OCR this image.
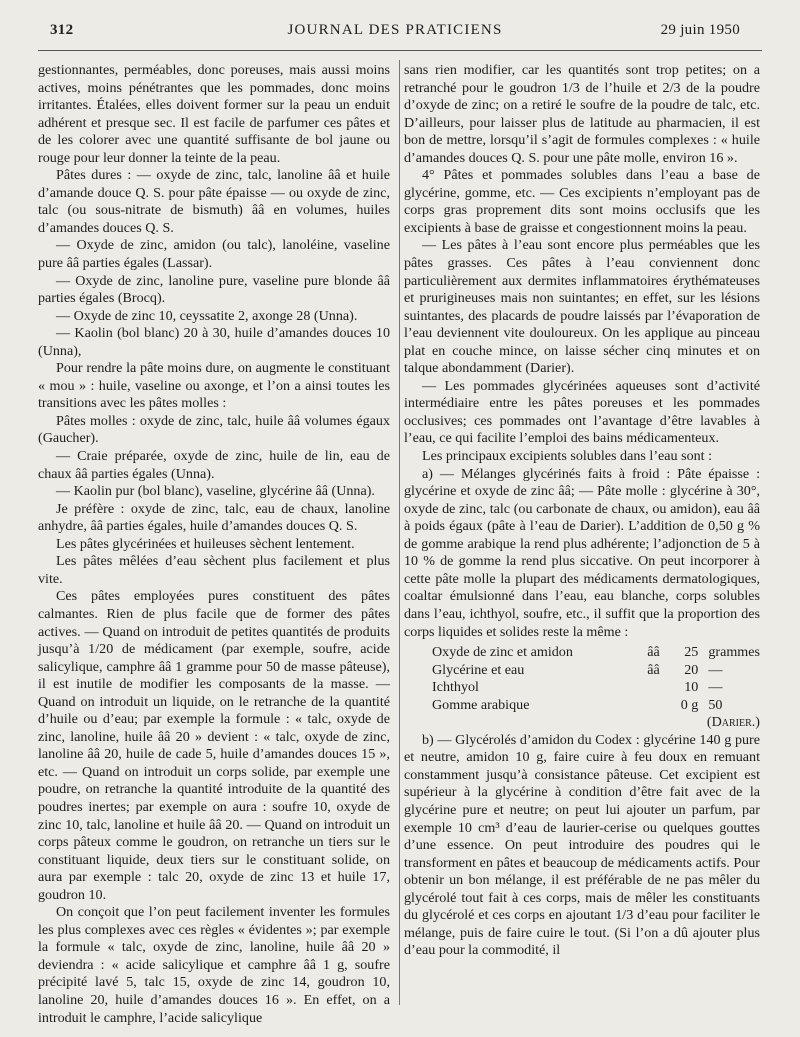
312	JOURNAL DES PRATICIENS	29 juin 1950

gestionnantes, perméables, donc poreuses, mais aussi moins actives, moins pénétrantes que les pommades, donc moins irritantes. Étalées, elles doivent former sur la peau un enduit adhérent et presque sec. Il est facile de parfumer ces pâtes et de les colorer avec une quantité suffisante de bol jaune ou rouge pour leur donner la teinte de la peau.

Pâtes dures : — oxyde de zinc, talc, lanoline ââ et huile d’amande douce Q. S. pour pâte épaisse — ou oxyde de zinc, talc (ou sous-nitrate de bismuth) ââ en volumes, huiles d’amandes douces Q. S.

— Oxyde de zinc, amidon (ou talc), lanoléine, vaseline pure ââ parties égales (Lassar).

— Oxyde de zinc, lanoline pure, vaseline pure blonde ââ parties égales (Brocq).

— Oxyde de zinc 10, ceyssatite 2, axonge 28 (Unna).

— Kaolin (bol blanc) 20 à 30, huile d’amandes douces 10 (Unna),

Pour rendre la pâte moins dure, on augmente le constituant « mou » : huile, vaseline ou axonge, et l’on a ainsi toutes les transitions avec les pâtes molles :

Pâtes molles : oxyde de zinc, talc, huile ââ volumes égaux (Gaucher).

— Craie préparée, oxyde de zinc, huile de lin, eau de chaux ââ parties égales (Unna).

— Kaolin pur (bol blanc), vaseline, glycérine ââ (Unna).

Je préfère : oxyde de zinc, talc, eau de chaux, lanoline anhydre, ââ parties égales, huile d’amandes douces Q. S.

Les pâtes glycérinées et huileuses sèchent lentement.

Les pâtes mêlées d’eau sèchent plus facilement et plus vite.

Ces pâtes employées pures constituent des pâtes calmantes. Rien de plus facile que de former des pâtes actives. — Quand on introduit de petites quantités de produits jusqu’à 1/20 de médicament (par exemple, soufre, acide salicylique, camphre ââ 1 gramme pour 50 de masse pâteuse), il est inutile de modifier les composants de la masse. — Quand on introduit un liquide, on le retranche de la quantité d’huile ou d’eau; par exemple la formule : « talc, oxyde de zinc, lanoline, huile ââ 20 » devient : « talc, oxyde de zinc, lanoline ââ 20, huile de cade 5, huile d’amandes douces 15 », etc. — Quand on introduit un corps solide, par exemple une poudre, on retranche la quantité introduite de la quantité des poudres inertes; par exemple on aura : soufre 10, oxyde de zinc 10, talc, lanoline et huile ââ 20. — Quand on introduit un corps pâteux comme le goudron, on retranche un tiers sur le constituant liquide, deux tiers sur le constituant solide, on aura par exemple : talc 20, oxyde de zinc 13 et huile 17, goudron 10.

On conçoit que l’on peut facilement inventer les formules les plus complexes avec ces règles « évidentes »; par exemple la formule « talc, oxyde de zinc, lanoline, huile ââ 20 » deviendra : « acide salicylique et camphre ââ 1 g, soufre précipité lavé 5, talc 15, oxyde de zinc 14, goudron 10, lanoline 20, huile d’amandes douces 16 ». En effet, on a introduit le camphre, l’acide salicylique

sans rien modifier, car les quantités sont trop petites; on a retranché pour le goudron 1/3 de l’huile et 2/3 de la poudre d’oxyde de zinc; on a retiré le soufre de la poudre de talc, etc. D’ailleurs, pour laisser plus de latitude au pharmacien, il est bon de mettre, lorsqu’il s’agit de formules complexes : « huile d’amandes douces Q. S. pour une pâte molle, environ 16 ».

4° Pâtes et pommades solubles dans l’eau a base de glycérine, gomme, etc. — Ces excipients n’employant pas de corps gras proprement dits sont moins occlusifs que les excipients à base de graisse et congestionnent moins la peau.

— Les pâtes à l’eau sont encore plus perméables que les pâtes grasses. Ces pâtes à l’eau conviennent donc particulièrement aux dermites inflammatoires érythémateuses et prurigineuses mais non suintantes; en effet, sur les lésions suintantes, des placards de poudre laissés par l’évaporation de l’eau deviennent vite douloureux. On les applique au pinceau plat en couche mince, on laisse sécher cinq minutes et on talque abondamment (Darier).

— Les pommades glycérinées aqueuses sont d’activité intermédiaire entre les pâtes poreuses et les pommades occlusives; ces pommades ont l’avantage d’être lavables à l’eau, ce qui facilite l’emploi des bains médicamenteux.

Les principaux excipients solubles dans l’eau sont :

a) — Mélanges glycérinés faits à froid : Pâte épaisse : glycérine et oxyde de zinc ââ; — Pâte molle : glycérine à 30°, oxyde de zinc, talc (ou carbonate de chaux, ou amidon), eau ââ à poids égaux (pâte à l’eau de Darier). L’addition de 0,50 g % de gomme arabique la rend plus adhérente; l’adjonction de 5 à 10 % de gomme la rend plus siccative. On peut incorporer à cette pâte molle la plupart des médicaments dermatologiques, coaltar émulsionné dans l’eau, eau blanche, corps solubles dans l’eau, ichthyol, soufre, etc., il suffit que la proportion des corps liquides et solides reste la même :

Oxyde de zinc et amidon	ââ	25	grammes
Glycérine et eau	ââ	20	—
Ichthyol		10	—
Gomme arabique		0 g	50

(Darier.)

b) — Glycérolés d’amidon du Codex : glycérine 140 g pure et neutre, amidon 10 g, faire cuire à feu doux en remuant constamment jusqu’à consistance pâteuse. Cet excipient est supérieur à la glycérine à condition d’être fait avec de la glycérine pure et neutre; on peut lui ajouter un parfum, par exemple 10 cm³ d’eau de laurier-cerise ou quelques gouttes d’une essence. On peut introduire des poudres qui le transforment en pâtes et beaucoup de médicaments actifs. Pour obtenir un bon mélange, il est préférable de ne pas mêler du glycérolé tout fait à ces corps, mais de mêler les constituants du glycérolé et ces corps en ajoutant 1/3 d’eau pour faciliter le mélange, puis de faire cuire le tout. (Si l’on a dû ajouter plus d’eau pour la commodité, il
